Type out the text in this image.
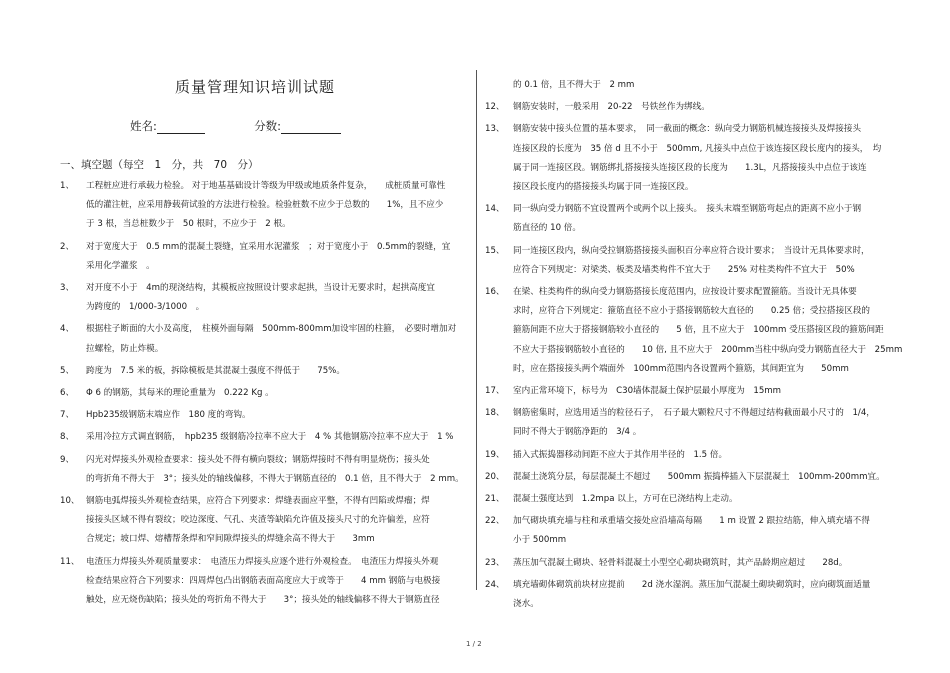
质量管理知识培训试题
姓名:	分数:
一、填空题（每空　1　分，共　70　分）
1、 工程桩应进行承载力检验。 对于地基基础设计等级为甲级或地质条件复杂，　　成桩质量可靠性
低的灌注桩，应采用静载荷试验的方法进行检验。检验桩数不应少于总数的　　1%，且不应少
于 3 根，当总桩数少于　50 根时，不应少于　2 根。
2、 对于宽度大于　0.5 mm的混凝土裂缝，宜采用水泥灌浆　；对于宽度小于　0.5mm的裂缝，宜
采用化学灌浆　。
3、 对开度不小于　4m的现浇结构，其模板应按照设计要求起拱，当设计无要求时，起拱高度宜
为跨度的　1/000-3/1000　。
4、 根据柱子断面的大小及高度，　柱模外面每隔　500mm-800mm加设牢固的柱箍，　必要时增加对
拉螺栓，防止炸模。
5、 跨度为　7.5 米的板，拆除模板是其混凝土强度不得低于　　75%。
6、 Φ 6 的钢筋，其每米的理论重量为　0.222 Kg 。
7、 Hpb235级钢筋末端应作　180 度的弯钩。
8、 采用冷拉方式调直钢筋，　hpb235 级钢筋冷拉率不应大于　4 % 其他钢筋冷拉率不应大于　1 %
9、 闪光对焊接头外观检查要求：接头处不得有横向裂纹；钢筋焊接时不得有明显烧伤；接头处
的弯折角不得大于　3°；接头处的轴线偏移，不得大于钢筋直径的　0.1 倍，且不得大于　2 mm。
10、 钢筋电弧焊接头外观检查结果，应符合下列要求：焊缝表面应平整，不得有凹陷或焊瘤；焊
接接头区域不得有裂纹；咬边深度、气孔、夹渣等缺陷允许值及接头尺寸的允许偏差，应符
合规定；坡口焊、熔槽帮条焊和窄间隙焊接头的焊缝余高不得大于　　3mm
11、 电渣压力焊接头外观质量要求：　电渣压力焊接头应逐个进行外观检查。　电渣压力焊接头外观
检查结果应符合下列要求：四周焊包凸出钢筋表面高度应大于或等于　　4 mm 钢筋与电极接
触处，应无烧伤缺陷；接头处的弯折角不得大于　　3°；接头处的轴线偏移不得大于钢筋直径
的 0.1 倍，且不得大于　2 mm
12、 钢筋安装时，一般采用　20-22　号铁丝作为绑线。
13、 钢筋安装中接头位置的基本要求，　同一截面的概念：纵向受力钢筋机械连接接头及焊接接头
连接区段的长度为　35 倍 d 且不小于　500mm, 凡接头中点位于该连接区段长度内的接头，　均
属于同一连接区段。钢筋绑扎搭接接头连接区段的长度为　　1.3L，凡搭接接头中点位于该连
接区段长度内的搭接接头均属于同一连接区段。
14、 同一纵向受力钢筋不宜设置两个或两个以上接头。　接头末端至钢筋弯起点的距离不应小于钢
筋直径的 10 倍。
15、 同一连接区段内，纵向受拉钢筋搭接接头面积百分率应符合设计要求；　当设计无具体要求时，
应符合下列规定：对梁类、板类及墙类构件不宜大于　　25% 对柱类构件不宜大于　50%
16、 在梁、柱类构件的纵向受力钢筋搭接长度范围内，应按设计要求配置箍筋。当设计无具体要
求时，应符合下列规定：箍筋直径不应小于搭接钢筋较大直径的　　0.25 倍；受拉搭接区段的
箍筋间距不应大于搭接钢筋较小直径的　　5 倍，且不应大于　100mm 受压搭接区段的箍筋间距
不应大于搭接钢筋较小直径的　　10 倍, 且不应大于　200mm当柱中纵向受力钢筋直径大于　25mm
时，应在搭接接头两个端面外　100mm范围内各设置两个箍筋，其间距宜为　　50mm
17、 室内正常环境下，标号为　C30墙体混凝土保护层最小厚度为　15mm
18、 钢筋密集时，应选用适当的粒径石子，　石子最大颗粒尺寸不得超过结构截面最小尺寸的　1/4，
同时不得大于钢筋净距的　3/4 。
19、 插入式振捣器移动间距不应大于其作用半径的　1.5 倍。
20、 混凝土浇筑分层，每层混凝土不超过　　500mm 振捣棒插入下层混凝土　100mm-200mm宜。
21、 混凝土强度达到　1.2mpa 以上，方可在已浇结构上走动。
22、 加气砌块填充墙与柱和承重墙交接处应沿墙高每隔　　1 m 设置 2 跟拉结筋，伸入填充墙不得
小于 500mm
23、 蒸压加气混凝土砌块、轻骨料混凝土小型空心砌块砌筑时，其产品龄期应超过　　28d。
24、 填充墙砌体砌筑前块材应提前　　2d 浇水湿润。蒸压加气混凝土砌块砌筑时，应向砌筑面适量
浇水。
1 / 2
